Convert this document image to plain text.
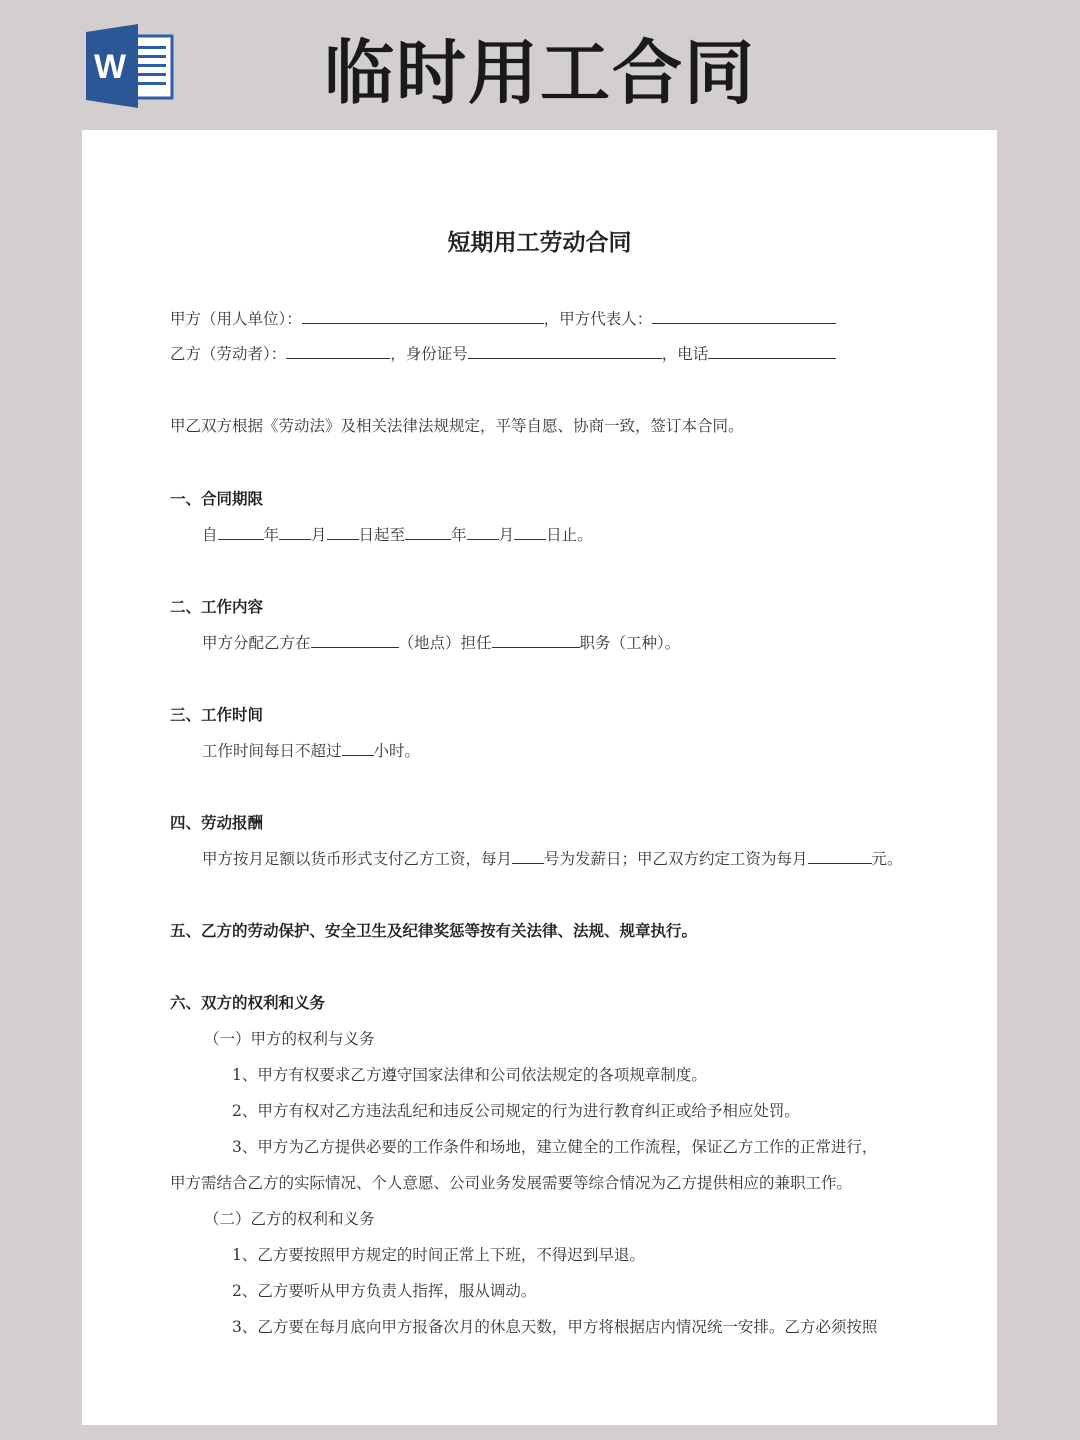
W	临时用工合同
短期用工劳动合同
甲方（用人单位）：	，甲方代表人：
乙方（劳动者）：	，身份证号	，电话
甲乙双方根据《劳动法》及相关法律法规规定，平等自愿、协商一致，签订本合同。
一、合同期限
自	年 月 日起至	年 月 日止。
二、工作内容
甲方分配乙方在	（地点）担任	职务（工种）。
三、工作时间
工作时间每日不超过 小时。
四、劳动报酬
甲方按月足额以货币形式支付乙方工资，每月 号为发薪日；甲乙双方约定工资为每月	元。
五、乙方的劳动保护、安全卫生及纪律奖惩等按有关法律、法规、规章执行。
六、双方的权利和义务
（一）甲方的权利与义务
1、甲方有权要求乙方遵守国家法律和公司依法规定的各项规章制度。
2、甲方有权对乙方违法乱纪和违反公司规定的行为进行教育纠正或给予相应处罚。
3、甲方为乙方提供必要的工作条件和场地，建立健全的工作流程，保证乙方工作的正常进行，
甲方需结合乙方的实际情况、个人意愿、公司业务发展需要等综合情况为乙方提供相应的兼职工作。
（二）乙方的权利和义务
1、乙方要按照甲方规定的时间正常上下班，不得迟到早退。
2、乙方要听从甲方负责人指挥，服从调动。
3、乙方要在每月底向甲方报备次月的休息天数，甲方将根据店内情况统一安排。乙方必须按照
